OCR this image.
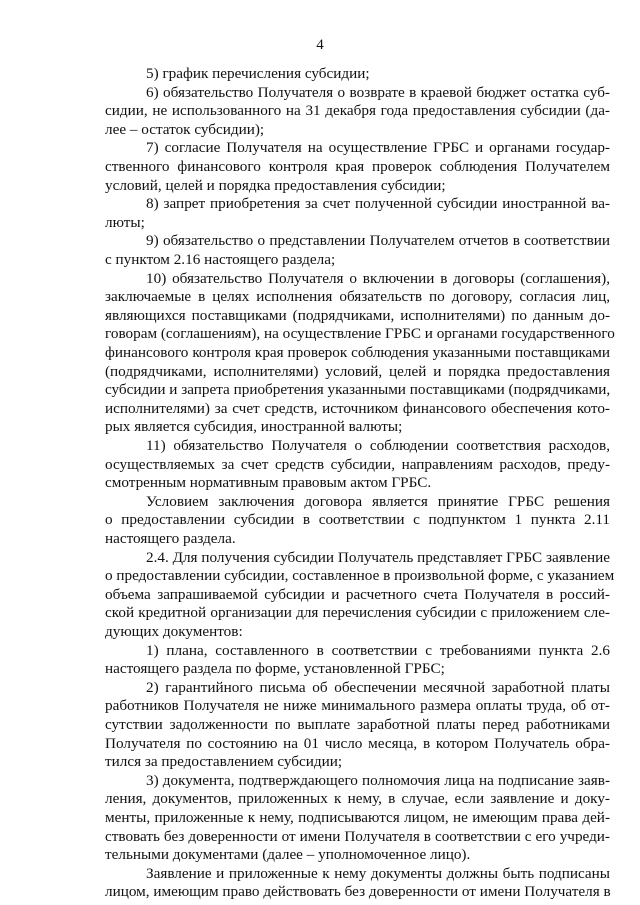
4
5) график перечисления субсидии;
6) обязательство Получателя о возврате в краевой бюджет остатка суб-
сидии, не использованного на 31 декабря года предоставления субсидии (да-
лее – остаток субсидии);
7) согласие Получателя на осуществление ГРБС и органами государ-
ственного финансового контроля края проверок соблюдения Получателем
условий, целей и порядка предоставления субсидии;
8) запрет приобретения за счет полученной субсидии иностранной ва-
люты;
9) обязательство о представлении Получателем отчетов в соответствии
с пунктом 2.16 настоящего раздела;
10) обязательство Получателя о включении в договоры (соглашения),
заключаемые в целях исполнения обязательств по договору, согласия лиц,
являющихся поставщиками (подрядчиками, исполнителями) по данным до-
говорам (соглашениям), на осуществление ГРБС и органами государственного
финансового контроля края проверок соблюдения указанными поставщиками
(подрядчиками, исполнителями) условий, целей и порядка предоставления
субсидии и запрета приобретения указанными поставщиками (подрядчиками,
исполнителями) за счет средств, источником финансового обеспечения кото-
рых является субсидия, иностранной валюты;
11) обязательство Получателя о соблюдении соответствия расходов,
осуществляемых за счет средств субсидии, направлениям расходов, преду-
смотренным нормативным правовым актом ГРБС.
Условием заключения договора является принятие ГРБС решения
о предоставлении субсидии в соответствии с подпунктом 1 пункта 2.11
настоящего раздела.
2.4. Для получения субсидии Получатель представляет ГРБС заявление
о предоставлении субсидии, составленное в произвольной форме, с указанием
объема запрашиваемой субсидии и расчетного счета Получателя в россий-
ской кредитной организации для перечисления субсидии с приложением сле-
дующих документов:
1) плана, составленного в соответствии с требованиями пункта 2.6
настоящего раздела по форме, установленной ГРБС;
2) гарантийного письма об обеспечении месячной заработной платы
работников Получателя не ниже минимального размера оплаты труда, об от-
сутствии задолженности по выплате заработной платы перед работниками
Получателя по состоянию на 01 число месяца, в котором Получатель обра-
тился за предоставлением субсидии;
3) документа, подтверждающего полномочия лица на подписание заяв-
ления, документов, приложенных к нему, в случае, если заявление и доку-
менты, приложенные к нему, подписываются лицом, не имеющим права дей-
ствовать без доверенности от имени Получателя в соответствии с его учреди-
тельными документами (далее – уполномоченное лицо).
Заявление и приложенные к нему документы должны быть подписаны
лицом, имеющим право действовать без доверенности от имени Получателя в
